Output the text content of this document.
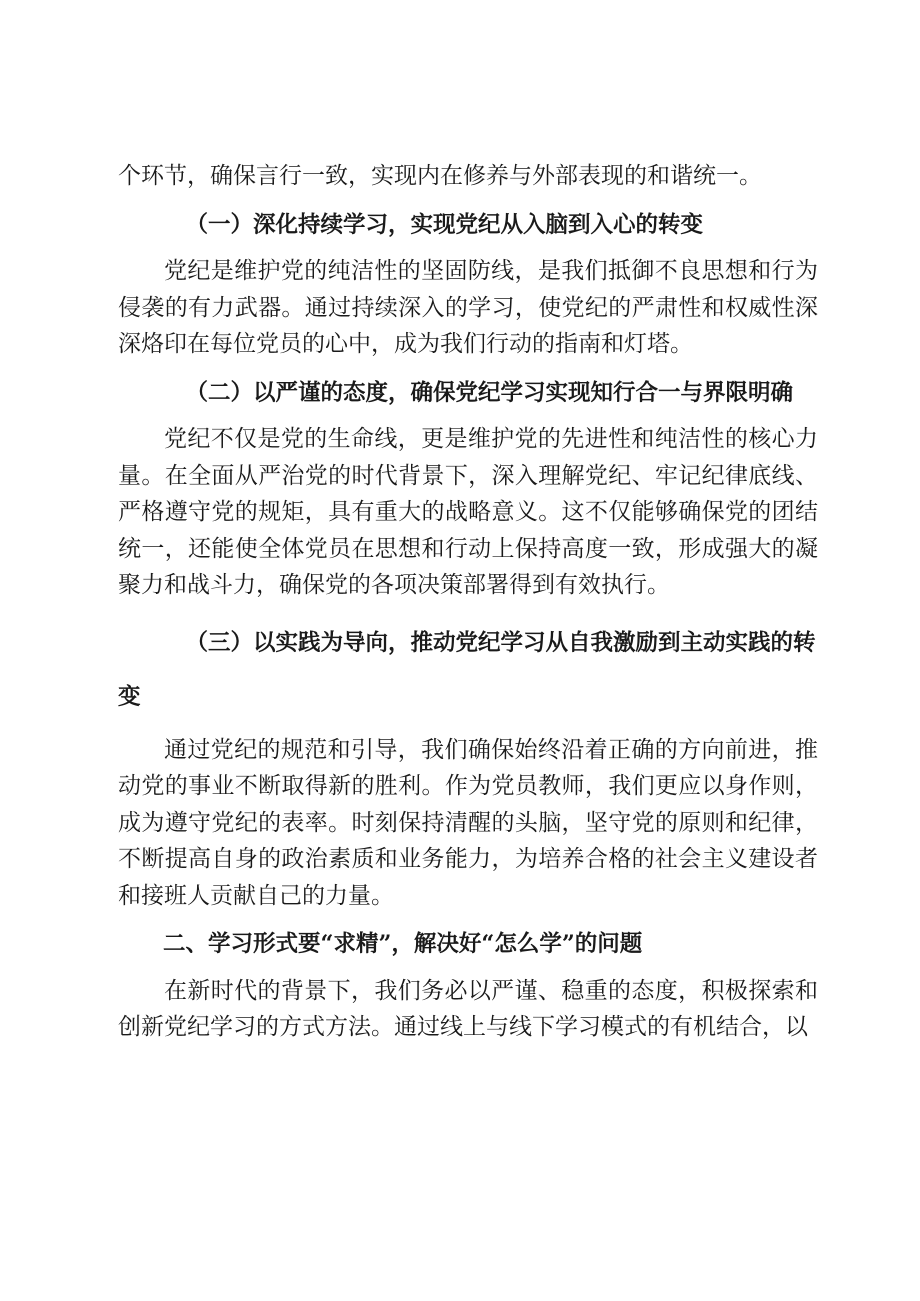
个环节，确保言行一致，实现内在修养与外部表现的和谐统一。

（一）深化持续学习，实现党纪从入脑到入心的转变

党纪是维护党的纯洁性的坚固防线，是我们抵御不良思想和行为侵袭的有力武器。通过持续深入的学习，使党纪的严肃性和权威性深深烙印在每位党员的心中，成为我们行动的指南和灯塔。

（二）以严谨的态度，确保党纪学习实现知行合一与界限明确

党纪不仅是党的生命线，更是维护党的先进性和纯洁性的核心力量。在全面从严治党的时代背景下，深入理解党纪、牢记纪律底线、严格遵守党的规矩，具有重大的战略意义。这不仅能够确保党的团结统一，还能使全体党员在思想和行动上保持高度一致，形成强大的凝聚力和战斗力，确保党的各项决策部署得到有效执行。

（三）以实践为导向，推动党纪学习从自我激励到主动实践的转变

通过党纪的规范和引导，我们确保始终沿着正确的方向前进，推动党的事业不断取得新的胜利。作为党员教师，我们更应以身作则，成为遵守党纪的表率。时刻保持清醒的头脑，坚守党的原则和纪律，不断提高自身的政治素质和业务能力，为培养合格的社会主义建设者和接班人贡献自己的力量。

二、学习形式要“求精”，解决好“怎么学”的问题

在新时代的背景下，我们务必以严谨、稳重的态度，积极探索和创新党纪学习的方式方法。通过线上与线下学习模式的有机结合，以
